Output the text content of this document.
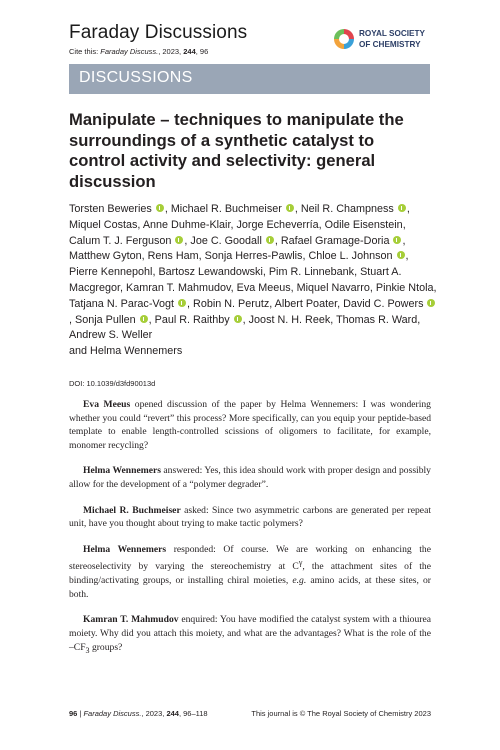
Faraday Discussions
Cite this: Faraday Discuss., 2023, 244, 96
ROYAL SOCIETY
OF CHEMISTRY
DISCUSSIONS
Manipulate – techniques to manipulate the surroundings of a synthetic catalyst to control activity and selectivity: general discussion
Torsten Beweries , Michael R. Buchmeiser , Neil R. Champness , Miquel Costas, Anne Duhme-Klair, Jorge Echeverría, Odile Eisenstein, Calum T. J. Ferguson , Joe C. Goodall , Rafael Gramage-Doria , Matthew Gyton, Rens Ham, Sonja Herres-Pawlis, Chloe L. Johnson , Pierre Kennepohl, Bartosz Lewandowski, Pim R. Linnebank, Stuart A. Macgregor, Kamran T. Mahmudov, Eva Meeus, Miquel Navarro, Pinkie Ntola, Tatjana N. Parac-Vogt , Robin N. Perutz, Albert Poater, David C. Powers , Sonja Pullen , Paul R. Raithby , Joost N. H. Reek, Thomas R. Ward, Andrew S. Weller
and Helma Wennemers
DOI: 10.1039/d3fd90013d

Eva Meeus opened discussion of the paper by Helma Wennemers: I was wondering whether you could “revert” this process? More specifically, can you equip your peptide-based template to enable length-controlled scissions of oligomers to facilitate, for example, monomer recycling?

Helma Wennemers answered: Yes, this idea should work with proper design and possibly allow for the development of a “polymer degrader”.

Michael R. Buchmeiser asked: Since two asymmetric carbons are generated per repeat unit, have you thought about trying to make tactic polymers?

Helma Wennemers responded: Of course. We are working on enhancing the stereoselectivity by varying the stereochemistry at $C^\gamma$, the attachment sites of the binding/activating groups, or installing chiral moieties, e.g. amino acids, at these sites, or both.

Kamran T. Mahmudov enquired: You have modified the catalyst system with a thiourea moiety. Why did you attach this moiety, and what are the advantages? What is the role of the $-CF_3$ groups?

96 | Faraday Discuss., 2023, 244, 96–118	This journal is © The Royal Society of Chemistry 2023
